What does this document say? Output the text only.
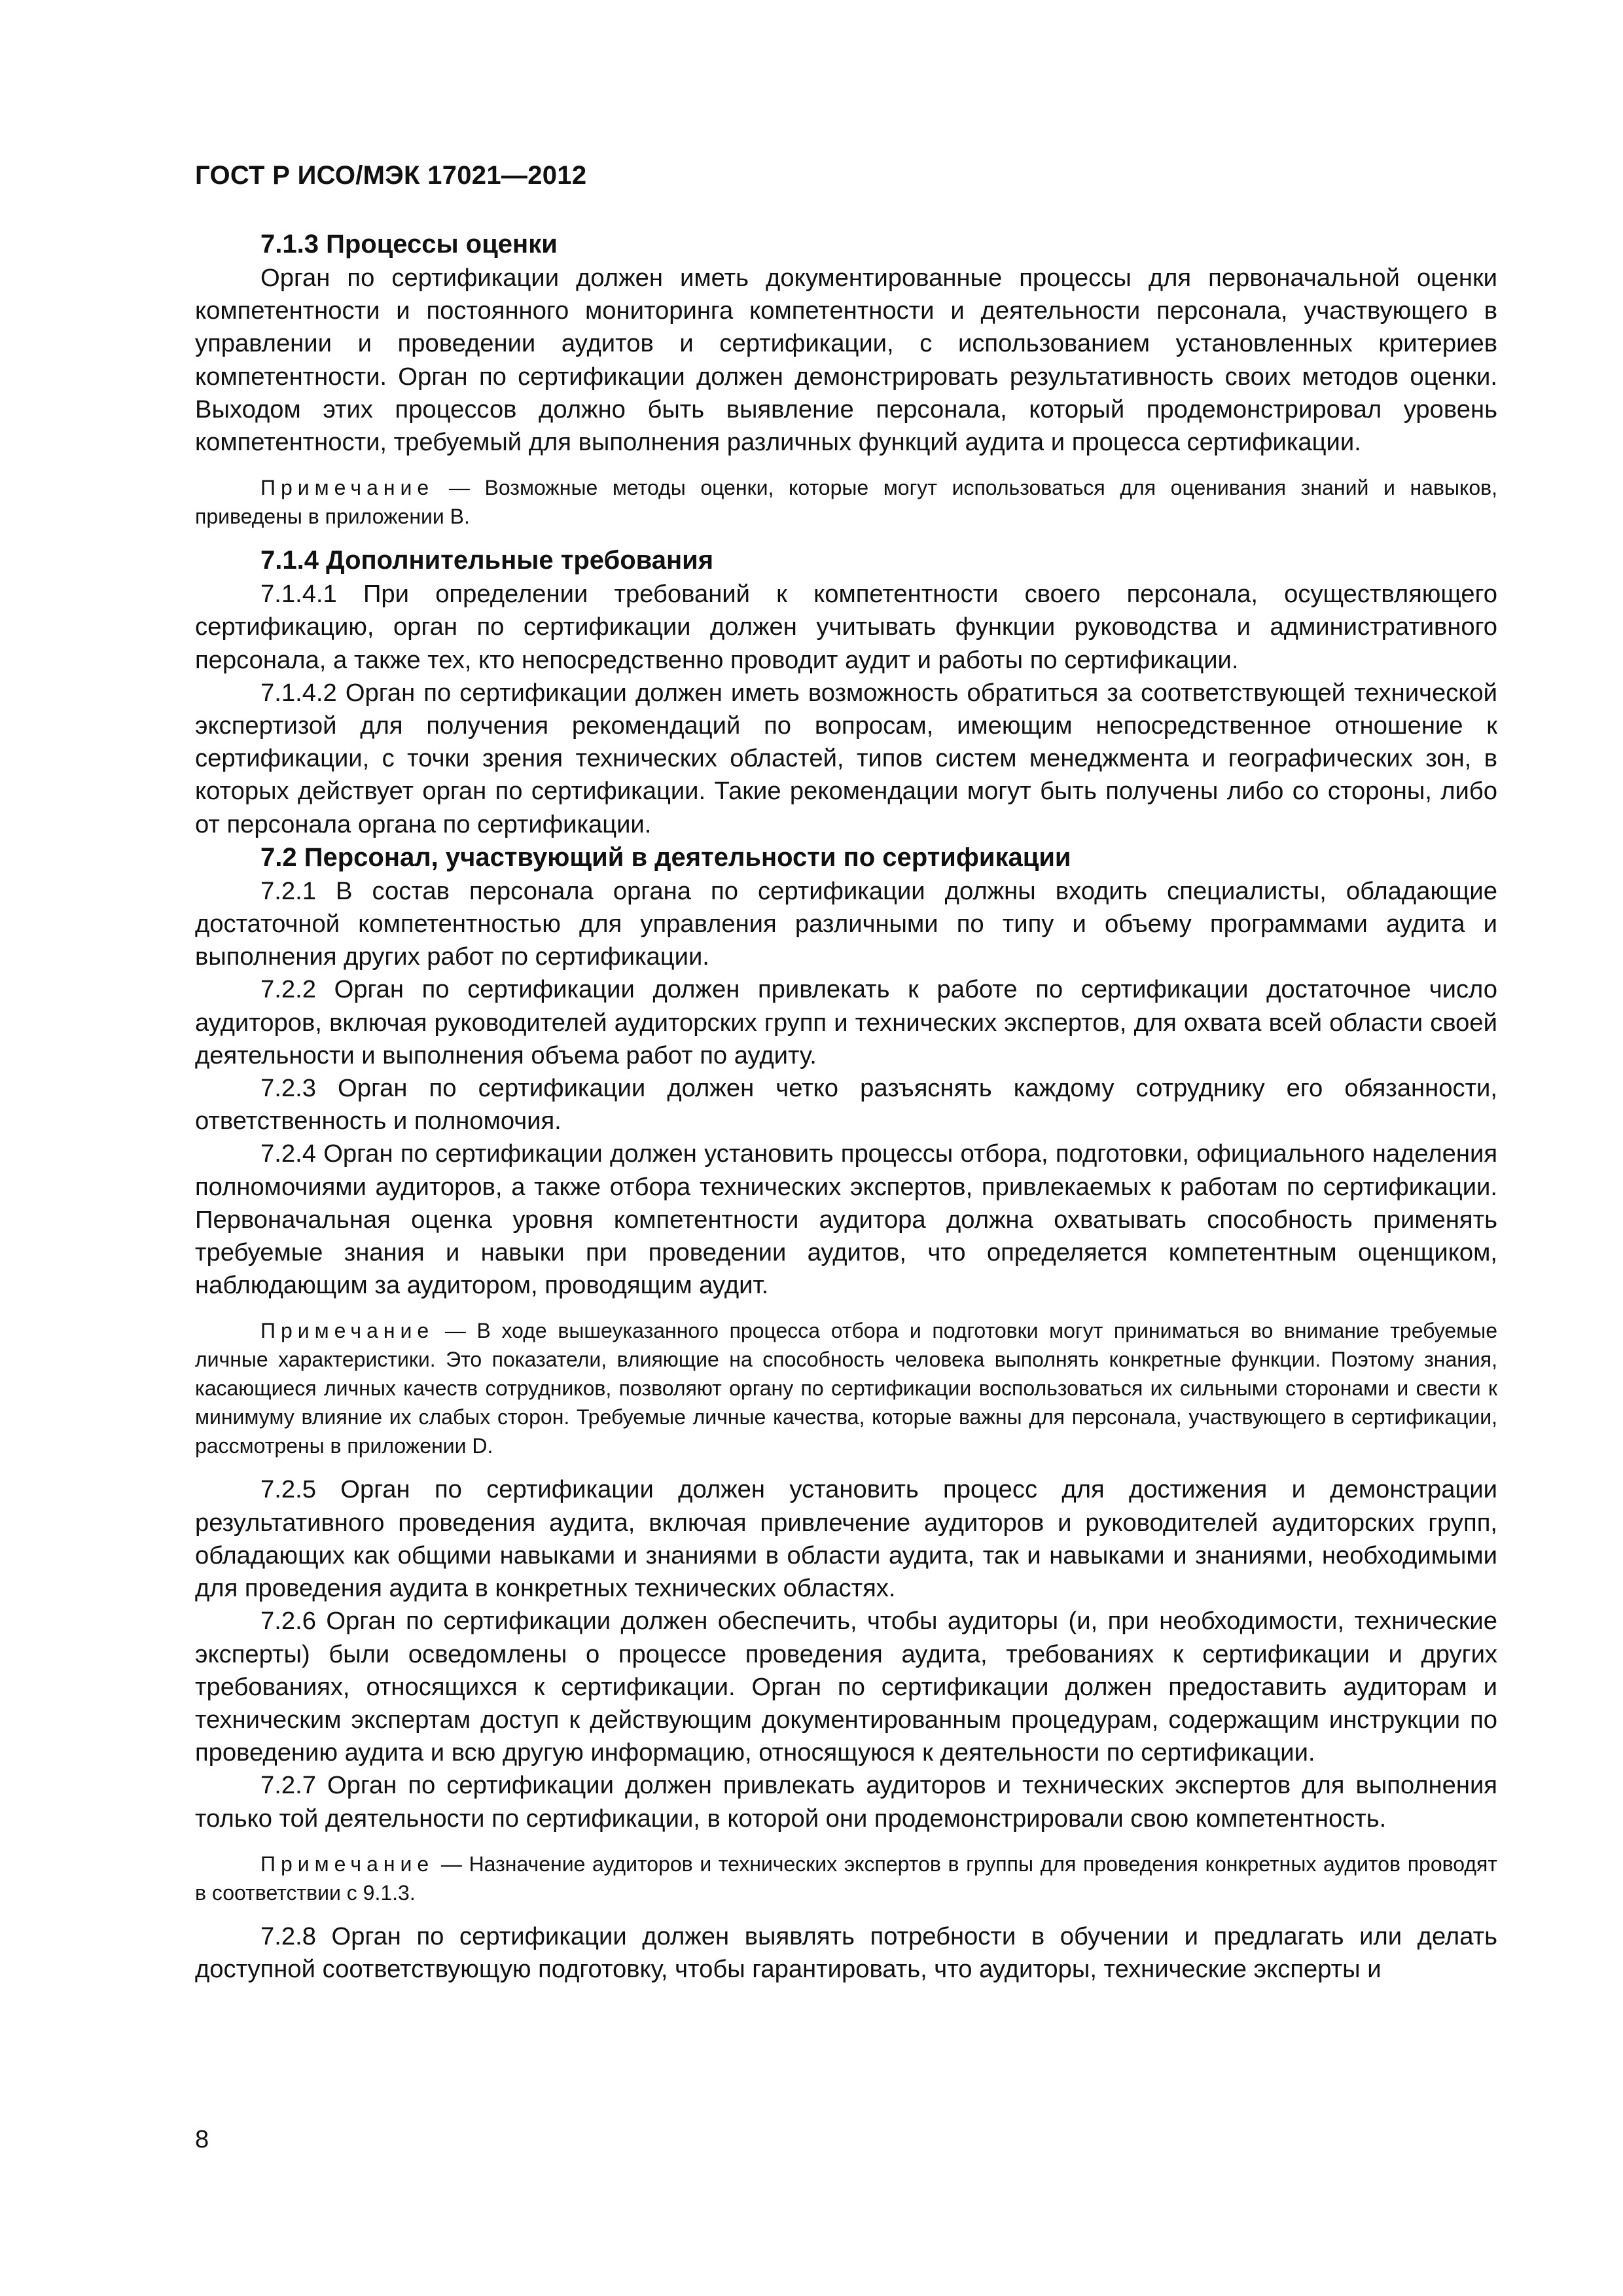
ГОСТ Р ИСО/МЭК 17021—2012
7.1.3 Процессы оценки

Орган по сертификации должен иметь документированные процессы для первоначальной оценки компетентности и постоянного мониторинга компетентности и деятельности персонала, участвующего в управлении и проведении аудитов и сертификации, с использованием установленных критериев компетентности. Орган по сертификации должен демонстрировать результативность своих методов оценки. Выходом этих процессов должно быть выявление персонала, который продемонстрировал уровень компетентности, требуемый для выполнения различных функций аудита и процесса сертификации.

Примечание — Возможные методы оценки, которые могут использоваться для оценивания знаний и навыков, приведены в приложении B.

7.1.4 Дополнительные требования

7.1.4.1 При определении требований к компетентности своего персонала, осуществляющего сертификацию, орган по сертификации должен учитывать функции руководства и административного персонала, а также тех, кто непосредственно проводит аудит и работы по сертификации.

7.1.4.2 Орган по сертификации должен иметь возможность обратиться за соответствующей технической экспертизой для получения рекомендаций по вопросам, имеющим непосредственное отношение к сертификации, с точки зрения технических областей, типов систем менеджмента и географических зон, в которых действует орган по сертификации. Такие рекомендации могут быть получены либо со стороны, либо от персонала органа по сертификации.

7.2 Персонал, участвующий в деятельности по сертификации

7.2.1 В состав персонала органа по сертификации должны входить специалисты, обладающие достаточной компетентностью для управления различными по типу и объему программами аудита и выполнения других работ по сертификации.

7.2.2 Орган по сертификации должен привлекать к работе по сертификации достаточное число аудиторов, включая руководителей аудиторских групп и технических экспертов, для охвата всей области своей деятельности и выполнения объема работ по аудиту.

7.2.3 Орган по сертификации должен четко разъяснять каждому сотруднику его обязанности, ответственность и полномочия.

7.2.4 Орган по сертификации должен установить процессы отбора, подготовки, официального наделения полномочиями аудиторов, а также отбора технических экспертов, привлекаемых к работам по сертификации. Первоначальная оценка уровня компетентности аудитора должна охватывать способность применять требуемые знания и навыки при проведении аудитов, что определяется компетентным оценщиком, наблюдающим за аудитором, проводящим аудит.

Примечание — В ходе вышеуказанного процесса отбора и подготовки могут приниматься во внимание требуемые личные характеристики. Это показатели, влияющие на способность человека выполнять конкретные функции. Поэтому знания, касающиеся личных качеств сотрудников, позволяют органу по сертификации воспользоваться их сильными сторонами и свести к минимуму влияние их слабых сторон. Требуемые личные качества, которые важны для персонала, участвующего в сертификации, рассмотрены в приложении D.

7.2.5 Орган по сертификации должен установить процесс для достижения и демонстрации результативного проведения аудита, включая привлечение аудиторов и руководителей аудиторских групп, обладающих как общими навыками и знаниями в области аудита, так и навыками и знаниями, необходимыми для проведения аудита в конкретных технических областях.

7.2.6 Орган по сертификации должен обеспечить, чтобы аудиторы (и, при необходимости, технические эксперты) были осведомлены о процессе проведения аудита, требованиях к сертификации и других требованиях, относящихся к сертификации. Орган по сертификации должен предоставить аудиторам и техническим экспертам доступ к действующим документированным процедурам, содержащим инструкции по проведению аудита и всю другую информацию, относящуюся к деятельности по сертификации.

7.2.7 Орган по сертификации должен привлекать аудиторов и технических экспертов для выполнения только той деятельности по сертификации, в которой они продемонстрировали свою компетентность.

Примечание — Назначение аудиторов и технических экспертов в группы для проведения конкретных аудитов проводят в соответствии с 9.1.3.

7.2.8 Орган по сертификации должен выявлять потребности в обучении и предлагать или делать доступной соответствующую подготовку, чтобы гарантировать, что аудиторы, технические эксперты и

8
